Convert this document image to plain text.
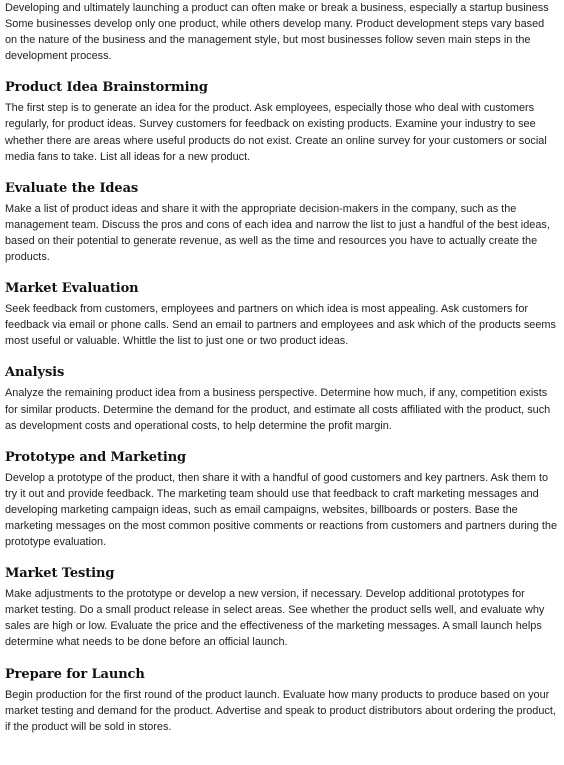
Developing and ultimately launching a product can often make or break a business, especially a startup business Some businesses develop only one product, while others develop many. Product development steps vary based on the nature of the business and the management style, but most businesses follow seven main steps in the development process.

Product Idea Brainstorming

The first step is to generate an idea for the product. Ask employees, especially those who deal with customers regularly, for product ideas. Survey customers for feedback on existing products. Examine your industry to see whether there are areas where useful products do not exist. Create an online survey for your customers or social media fans to take. List all ideas for a new product.

Evaluate the Ideas

Make a list of product ideas and share it with the appropriate decision-makers in the company, such as the management team. Discuss the pros and cons of each idea and narrow the list to just a handful of the best ideas, based on their potential to generate revenue, as well as the time and resources you have to actually create the products.

Market Evaluation

Seek feedback from customers, employees and partners on which idea is most appealing. Ask customers for feedback via email or phone calls. Send an email to partners and employees and ask which of the products seems most useful or valuable. Whittle the list to just one or two product ideas.

Analysis

Analyze the remaining product idea from a business perspective. Determine how much, if any, competition exists for similar products. Determine the demand for the product, and estimate all costs affiliated with the product, such as development costs and operational costs, to help determine the profit margin.

Prototype and Marketing

Develop a prototype of the product, then share it with a handful of good customers and key partners. Ask them to try it out and provide feedback. The marketing team should use that feedback to craft marketing messages and developing marketing campaign ideas, such as email campaigns, websites, billboards or posters. Base the marketing messages on the most common positive comments or reactions from customers and partners during the prototype evaluation.

Market Testing

Make adjustments to the prototype or develop a new version, if necessary. Develop additional prototypes for market testing. Do a small product release in select areas. See whether the product sells well, and evaluate why sales are high or low. Evaluate the price and the effectiveness of the marketing messages. A small launch helps determine what needs to be done before an official launch.

Prepare for Launch

Begin production for the first round of the product launch. Evaluate how many products to produce based on your market testing and demand for the product. Advertise and speak to product distributors about ordering the product, if the product will be sold in stores.
